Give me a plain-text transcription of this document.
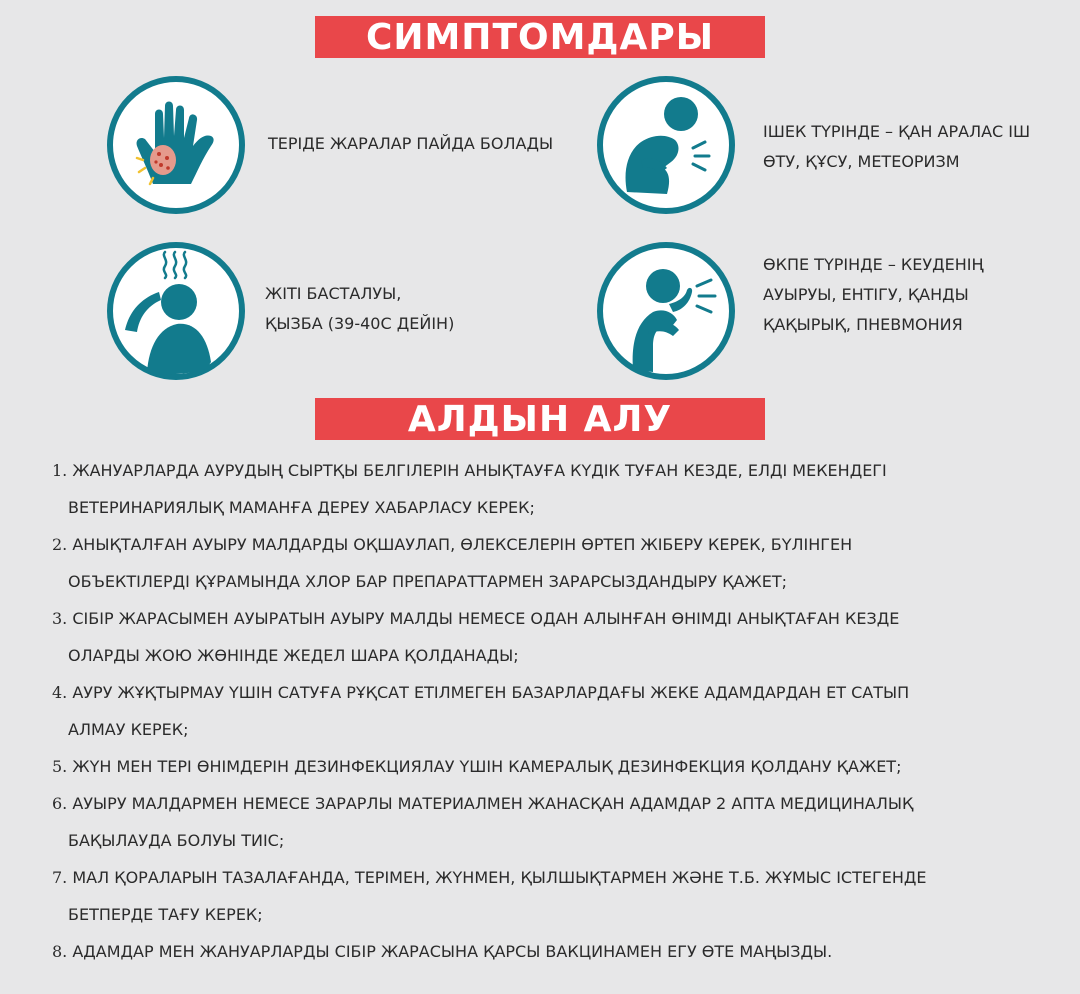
СИМПТОМДАРЫ
АЛДЫН АЛУ
ТЕРІДЕ ЖАРАЛАР ПАЙДА БОЛАДЫ
ІШЕК ТҮРІНДЕ – ҚАН АРАЛАС ІШ
ӨТУ, ҚҰСУ, МЕТЕОРИЗМ
ЖІТІ БАСТАЛУЫ,
ҚЫЗБА (39-40С ДЕЙІН)
ӨКПЕ ТҮРІНДЕ – КЕУДЕНІҢ
АУЫРУЫ, ЕНТІГУ, ҚАНДЫ
ҚАҚЫРЫҚ, ПНЕВМОНИЯ
1. ЖАНУАРЛАРДА АУРУДЫҢ СЫРТҚЫ БЕЛГІЛЕРІН АНЫҚТАУҒА КҮДІК ТУҒАН КЕЗДЕ, ЕЛДІ МЕКЕНДЕГІ
ВЕТЕРИНАРИЯЛЫҚ МАМАНҒА ДЕРЕУ ХАБАРЛАСУ КЕРЕК;
2. АНЫҚТАЛҒАН АУЫРУ МАЛДАРДЫ ОҚШАУЛАП, ӨЛЕКСЕЛЕРІН ӨРТЕП ЖІБЕРУ КЕРЕК, БҮЛІНГЕН
ОБЪЕКТІЛЕРДІ ҚҰРАМЫНДА ХЛОР БАР ПРЕПАРАТТАРМЕН ЗАРАРСЫЗДАНДЫРУ ҚАЖЕТ;
3. СІБІР ЖАРАСЫМЕН АУЫРАТЫН АУЫРУ МАЛДЫ НЕМЕСЕ ОДАН АЛЫНҒАН ӨНІМДІ АНЫҚТАҒАН КЕЗДЕ
ОЛАРДЫ ЖОЮ ЖӨНІНДЕ ЖЕДЕЛ ШАРА ҚОЛДАНАДЫ;
4. АУРУ ЖҰҚТЫРМАУ ҮШІН САТУҒА РҰҚСАТ ЕТІЛМЕГЕН БАЗАРЛАРДАҒЫ ЖЕКЕ АДАМДАРДАН ЕТ САТЫП
АЛМАУ КЕРЕК;
5. ЖҮН МЕН ТЕРІ ӨНІМДЕРІН ДЕЗИНФЕКЦИЯЛАУ ҮШІН КАМЕРАЛЫҚ ДЕЗИНФЕКЦИЯ ҚОЛДАНУ ҚАЖЕТ;
6. АУЫРУ МАЛДАРМЕН НЕМЕСЕ ЗАРАРЛЫ МАТЕРИАЛМЕН ЖАНАСҚАН АДАМДАР 2 АПТА МЕДИЦИНАЛЫҚ
БАҚЫЛАУДА БОЛУЫ ТИІС;
7. МАЛ ҚОРАЛАРЫН ТАЗАЛАҒАНДА, ТЕРІМЕН, ЖҮНМЕН, ҚЫЛШЫҚТАРМЕН ЖӘНЕ Т.Б. ЖҰМЫС ІСТЕГЕНДЕ
БЕТПЕРДЕ ТАҒУ КЕРЕК;
8. АДАМДАР МЕН ЖАНУАРЛАРДЫ СІБІР ЖАРАСЫНА ҚАРСЫ ВАКЦИНАМЕН ЕГУ ӨТЕ МАҢЫЗДЫ.
